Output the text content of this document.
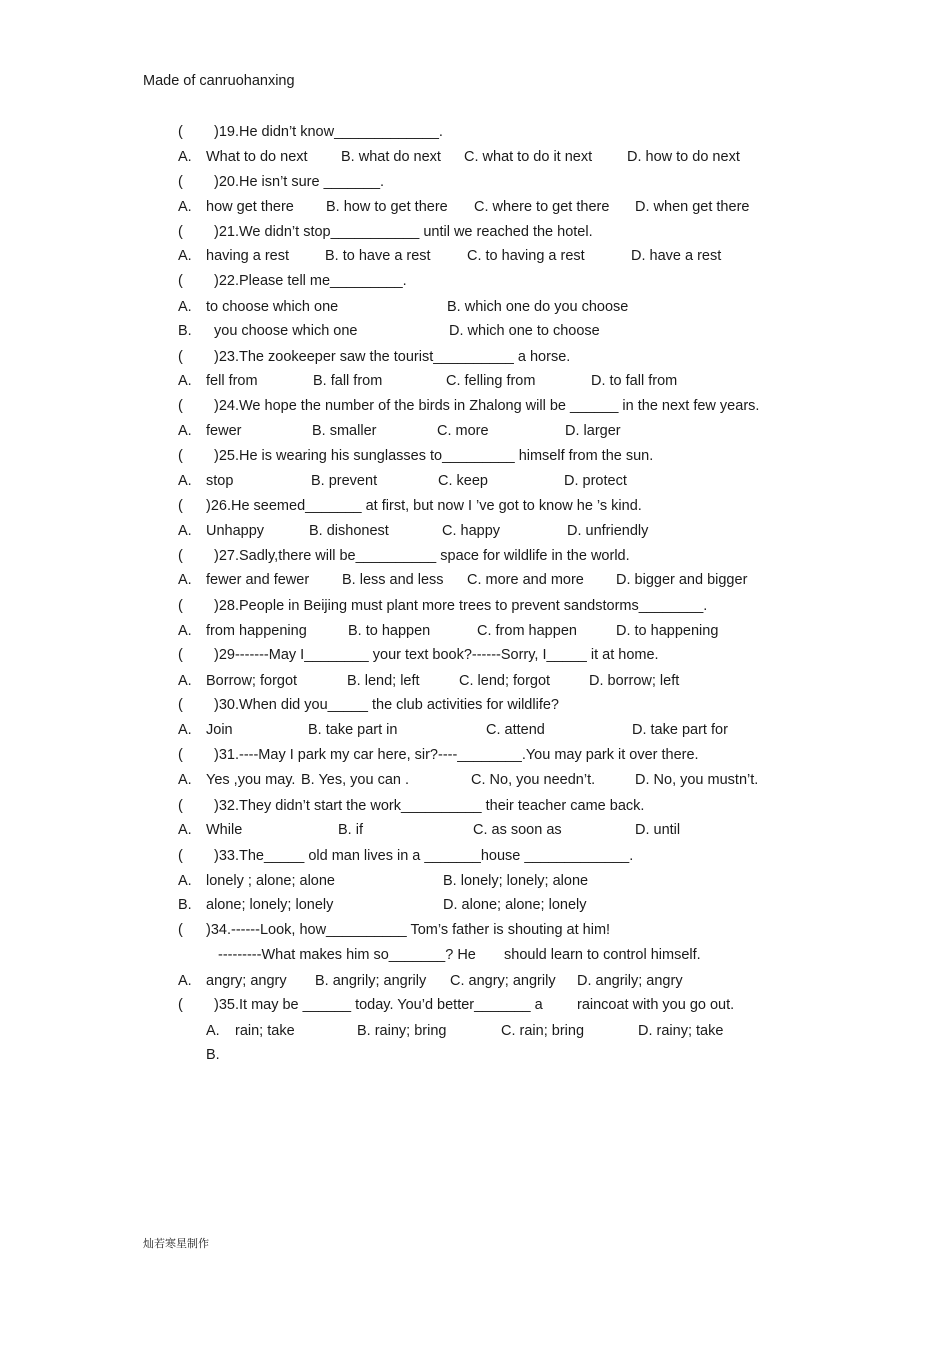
Made of canruohanxing
( )19.He didn’t know_____________.
A. What to do next B. what do next C. what to do it next D. how to do next
( )20.He isn’t sure _______.
A. how get there B. how to get there C. where to get there D. when get there
( )21.We didn’t stop___________ until we reached the hotel.
A. having a rest B. to have a rest	C. to having a rest	D. have a rest
( )22.Please tell me_________.
A. to choose which one	B. which one do you choose
B. you choose which one	D. which one to choose
( )23.The zookeeper saw the tourist__________ a horse.
A. fell from	B. fall from	C. felling from	D. to fall from
( )24.We hope the number of the birds in Zhalong will be ______ in the next few years.
A. fewer	B. smaller	C. more	D. larger
( )25.He is wearing his sunglasses to_________ himself from the sun.
A. stop	B. prevent	C. keep	D. protect
( )26.He seemed_______ at first, but now I ’ve got to know he ’s kind.
A. Unhappy	B. dishonest	C. happy	D. unfriendly
( )27.Sadly,there will be__________ space for wildlife in the world.
A. fewer and fewer B. less and less C. more and more D. bigger and bigger
( )28.People in Beijing must plant more trees to prevent sandstorms________.
A. from happening	B. to happen	C. from happen	D. to happening
( )29-------May I________ your text book?------Sorry, I_____ it at home.
A. Borrow; forgot	B. lend; left	C. lend; forgot	D. borrow; left
( )30.When did you_____ the club activities for wildlife?
A. Join	B. take part in	C. attend	D. take part for
( )31.----May I park my car here, sir?----________.You may park it over there.
A. Yes ,you may. B. Yes, you can .	C. No, you needn’t.	D. No, you mustn’t.
( )32.They didn’t start the work__________ their teacher came back.
A. While	B. if	C. as soon as	D. until
( )33.The_____ old man lives in a _______house _____________.
A. lonely ; alone; alone	B. lonely; lonely; alone
B. alone; lonely; lonely	D. alone; alone; lonely
( )34.------Look, how__________ Tom’s father is shouting at him!
---------What makes him so_______? He should learn to control himself.
A. angry; angry B. angrily; angrily C. angry; angrily D. angrily; angry
( )35.It may be ______ today. You’d better_______ a raincoat with you go out.
A. rain; take	B. rainy; bring	C. rain; bring	D. rainy; take
B.
灿若寒星制作
